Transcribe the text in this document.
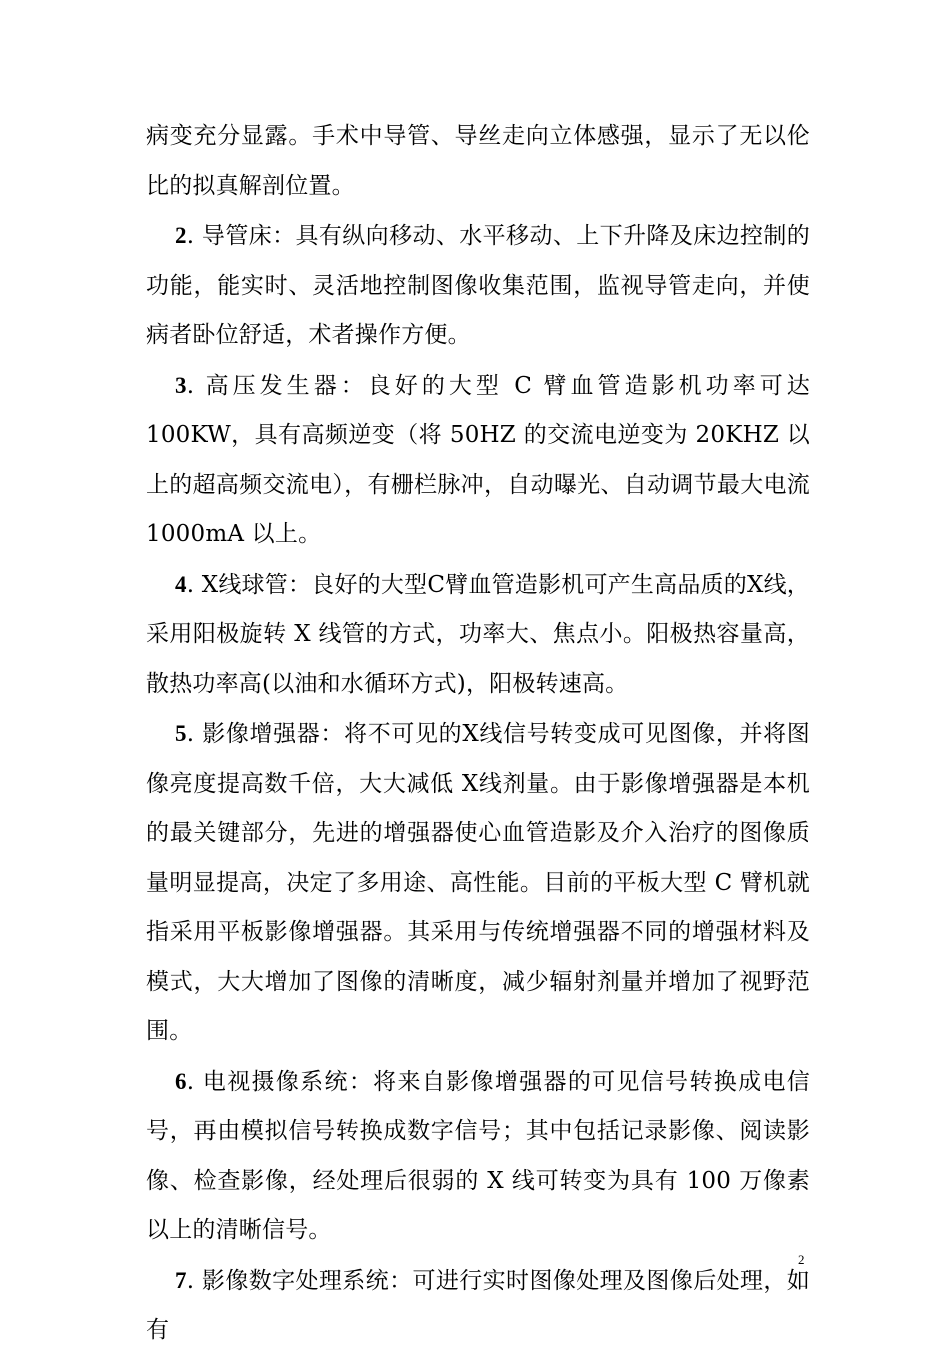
病变充分显露。手术中导管、导丝走向立体感强，显示了无以伦比的拟真解剖位置。

2. 导管床：具有纵向移动、水平移动、上下升降及床边控制的功能，能实时、灵活地控制图像收集范围，监视导管走向，并使病者卧位舒适，术者操作方便。

3. 高压发生器：良好的大型 C 臂血管造影机功率可达 100KW，具有高频逆变（将 50HZ 的交流电逆变为 20KHZ 以上的超高频交流电），有栅栏脉冲，自动曝光、自动调节最大电流 1000mA 以上。

4. X线球管：良好的大型C臂血管造影机可产生高品质的X线，采用阳极旋转 X 线管的方式，功率大、焦点小。阳极热容量高，散热功率高(以油和水循环方式)，阳极转速高。

5. 影像增强器：将不可见的X线信号转变成可见图像，并将图像亮度提高数千倍，大大减低 X线剂量。由于影像增强器是本机的最关键部分，先进的增强器使心血管造影及介入治疗的图像质量明显提高，决定了多用途、高性能。目前的平板大型 C 臂机就指采用平板影像增强器。其采用与传统增强器不同的增强材料及模式，大大增加了图像的清晰度，减少辐射剂量并增加了视野范围。

6. 电视摄像系统：将来自影像增强器的可见信号转换成电信号，再由模拟信号转换成数字信号；其中包括记录影像、阅读影像、检查影像，经处理后很弱的 X 线可转变为具有 100 万像素以上的清晰信号。

7. 影像数字处理系统：可进行实时图像处理及图像后处理，如有

2
